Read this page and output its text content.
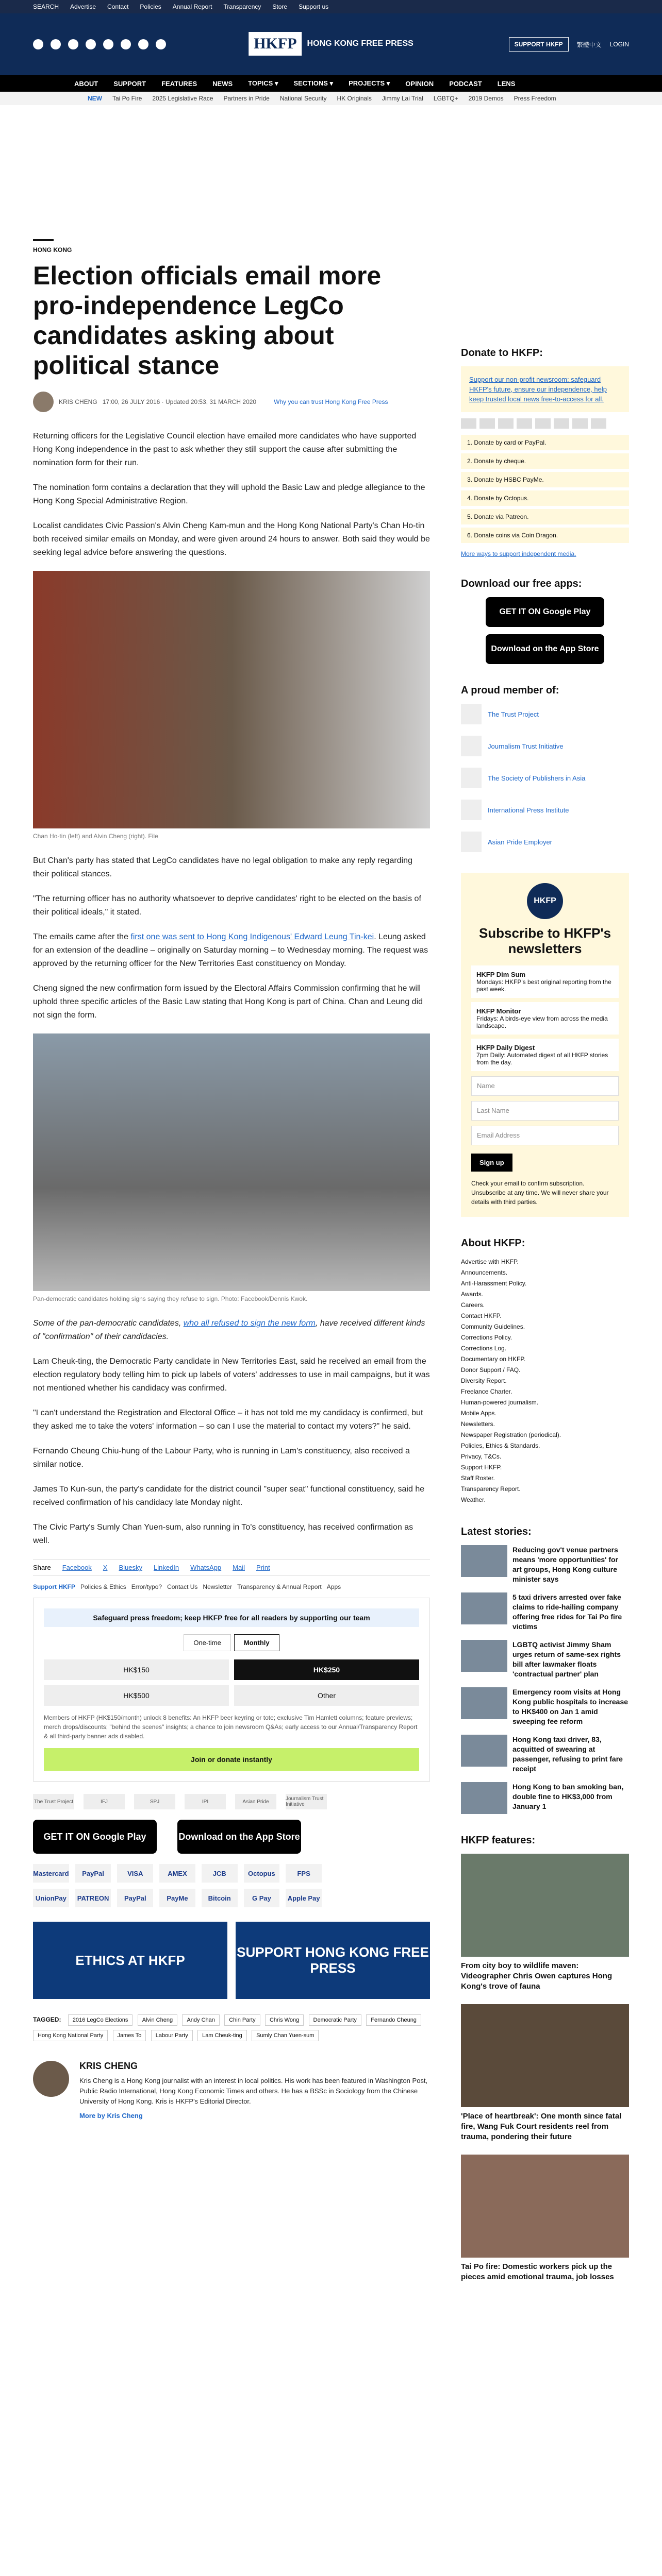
SEARCH Advertise Contact Policies Annual Report Transparency Store Support us
HKFP	HONG KONG FREE PRESS	SUPPORT HKFP	繁體中文 LOGIN
ABOUT SUPPORT FEATURES NEWS TOPICS ▾ SECTIONS ▾ PROJECTS ▾ OPINION PODCAST LENS
NEW Tai Po Fire 2025 Legislative Race Partners in Pride National Security HK Originals Jimmy Lai Trial LGBTQ+ 2019 Demos Press Freedom
HONG KONG
Election officials email more pro-independence LegCo candidates asking about political stance
KRIS CHENG 17:00, 26 JULY 2016 · Updated 20:53, 31 MARCH 2020	Why you can trust Hong Kong Free Press

Returning officers for the Legislative Council election have emailed more candidates who have supported Hong Kong independence in the past to ask whether they still support the cause after submitting the nomination form for their run.

The nomination form contains a declaration that they will uphold the Basic Law and pledge allegiance to the Hong Kong Special Administrative Region.

Localist candidates Civic Passion's Alvin Cheng Kam-mun and the Hong Kong National Party's Chan Ho-tin both received similar emails on Monday, and were given around 24 hours to answer. Both said they would be seeking legal advice before answering the questions.

Chan Ho-tin (left) and Alvin Cheng (right). File

But Chan's party has stated that LegCo candidates have no legal obligation to make any reply regarding their political stances.

"The returning officer has no authority whatsoever to deprive candidates' right to be elected on the basis of their political ideals," it stated.

The emails came after the first one was sent to Hong Kong Indigenous' Edward Leung Tin-kei. Leung asked for an extension of the deadline – originally on Saturday morning – to Wednesday morning. The request was approved by the returning officer for the New Territories East constituency on Monday.

Cheng signed the new confirmation form issued by the Electoral Affairs Commission confirming that he will uphold three specific articles of the Basic Law stating that Hong Kong is part of China. Chan and Leung did not sign the form.

Pan-democratic candidates holding signs saying they refuse to sign. Photo: Facebook/Dennis Kwok.

Some of the pan-democratic candidates, who all refused to sign the new form, have received different kinds of "confirmation" of their candidacies.

Lam Cheuk-ting, the Democratic Party candidate in New Territories East, said he received an email from the election regulatory body telling him to pick up labels of voters' addresses to use in mail campaigns, but it was not mentioned whether his candidacy was confirmed.

"I can't understand the Registration and Electoral Office – it has not told me my candidacy is confirmed, but they asked me to take the voters' information – so can I use the material to contact my voters?" he said.

Fernando Cheung Chiu-hung of the Labour Party, who is running in Lam's constituency, also received a similar notice.

James To Kun-sun, the party's candidate for the district council "super seat" functional constituency, said he received confirmation of his candidacy late Monday night.

The Civic Party's Sumly Chan Yuen-sum, also running in To's constituency, has received confirmation as well.

Share Facebook X Bluesky LinkedIn WhatsApp Mail Print
Support HKFP Policies & Ethics Error/typo? Contact Us Newsletter Transparency & Annual Report Apps
Safeguard press freedom; keep HKFP free for all readers by supporting our team
One-time	Monthly
HK$150	HK$250
HK$500	Other
Members of HKFP (HK$150/month) unlock 8 benefits: An HKFP beer keyring or tote; exclusive Tim Hamlett columns; feature previews; merch drops/discounts; "behind the scenes" insights; a chance to join newsroom Q&As; early access to our Annual/Transparency Report & all third-party banner ads disabled.
Join or donate instantly
The Trust Project	IFJ	SPJ	IPI	Asian Pride	Journalism Trust Initiative
GET IT ON Google Play	Download on the App Store
Mastercard	PayPal	VISA	AMEX	JCB	Octopus	FPS
UnionPay	PATREON	PayPal	PayMe	Bitcoin	G Pay	Apple Pay
ETHICS AT HKFP
SUPPORT HONG KONG FREE PRESS
TAGGED: 2016 LegCo Elections Alvin Cheng Andy Chan Chin Party Chris Wong Democratic Party Fernando Cheung Hong Kong National Party James To Labour Party Lam Cheuk-ting Sumly Chan Yuen-sum
KRIS CHENG

Kris Cheng is a Hong Kong journalist with an interest in local politics. His work has been featured in Washington Post, Public Radio International, Hong Kong Economic Times and others. He has a BSSc in Sociology from the Chinese University of Hong Kong. Kris is HKFP's Editorial Director.

More by Kris Cheng
Donate to HKFP:
Support our non-profit newsroom: safeguard HKFP's future, ensure our independence, help keep trusted local news free-to-access for all.
1. Donate by card or PayPal.
2. Donate by cheque.
3. Donate by HSBC PayMe.
4. Donate by Octopus.
5. Donate via Patreon.
6. Donate coins via Coin Dragon.
More ways to support independent media.
Download our free apps:
GET IT ON Google Play
Download on the App Store
A proud member of:
The Trust Project
Journalism Trust Initiative
The Society of Publishers in Asia
International Press Institute
Asian Pride Employer
HKFP
Subscribe to HKFP's newsletters
HKFP Dim Sum
Mondays: HKFP's best original reporting from the past week.
HKFP Monitor
Fridays: A birds-eye view from across the media landscape.
HKFP Daily Digest
7pm Daily: Automated digest of all HKFP stories from the day.
Name
Last Name
Email Address
Sign up
Check your email to confirm subscription. Unsubscribe at any time. We will never share your details with third parties.
About HKFP:
Advertise with HKFP.
Announcements.
Anti-Harassment Policy.
Awards.
Careers.
Contact HKFP.
Community Guidelines.
Corrections Policy.
Corrections Log.
Documentary on HKFP.
Donor Support / FAQ.
Diversity Report.
Freelance Charter.
Human-powered journalism.
Mobile Apps.
Newsletters.
Newspaper Registration (periodical).
Policies, Ethics & Standards.
Privacy, T&Cs.
Support HKFP.
Staff Roster.
Transparency Report.
Weather.
Latest stories:
Reducing gov't venue partners means 'more opportunities' for art groups, Hong Kong culture minister says
5 taxi drivers arrested over fake claims to ride-hailing company offering free rides for Tai Po fire victims
LGBTQ activist Jimmy Sham urges return of same-sex rights bill after lawmaker floats 'contractual partner' plan
Emergency room visits at Hong Kong public hospitals to increase to HK$400 on Jan 1 amid sweeping fee reform
Hong Kong taxi driver, 83, acquitted of swearing at passenger, refusing to print fare receipt
Hong Kong to ban smoking ban, double fine to HK$3,000 from January 1
HKFP features:
From city boy to wildlife maven: Videographer Chris Owen captures Hong Kong's trove of fauna
'Place of heartbreak': One month since fatal fire, Wang Fuk Court residents reel from trauma, pondering their future
Tai Po fire: Domestic workers pick up the pieces amid emotional trauma, job losses
